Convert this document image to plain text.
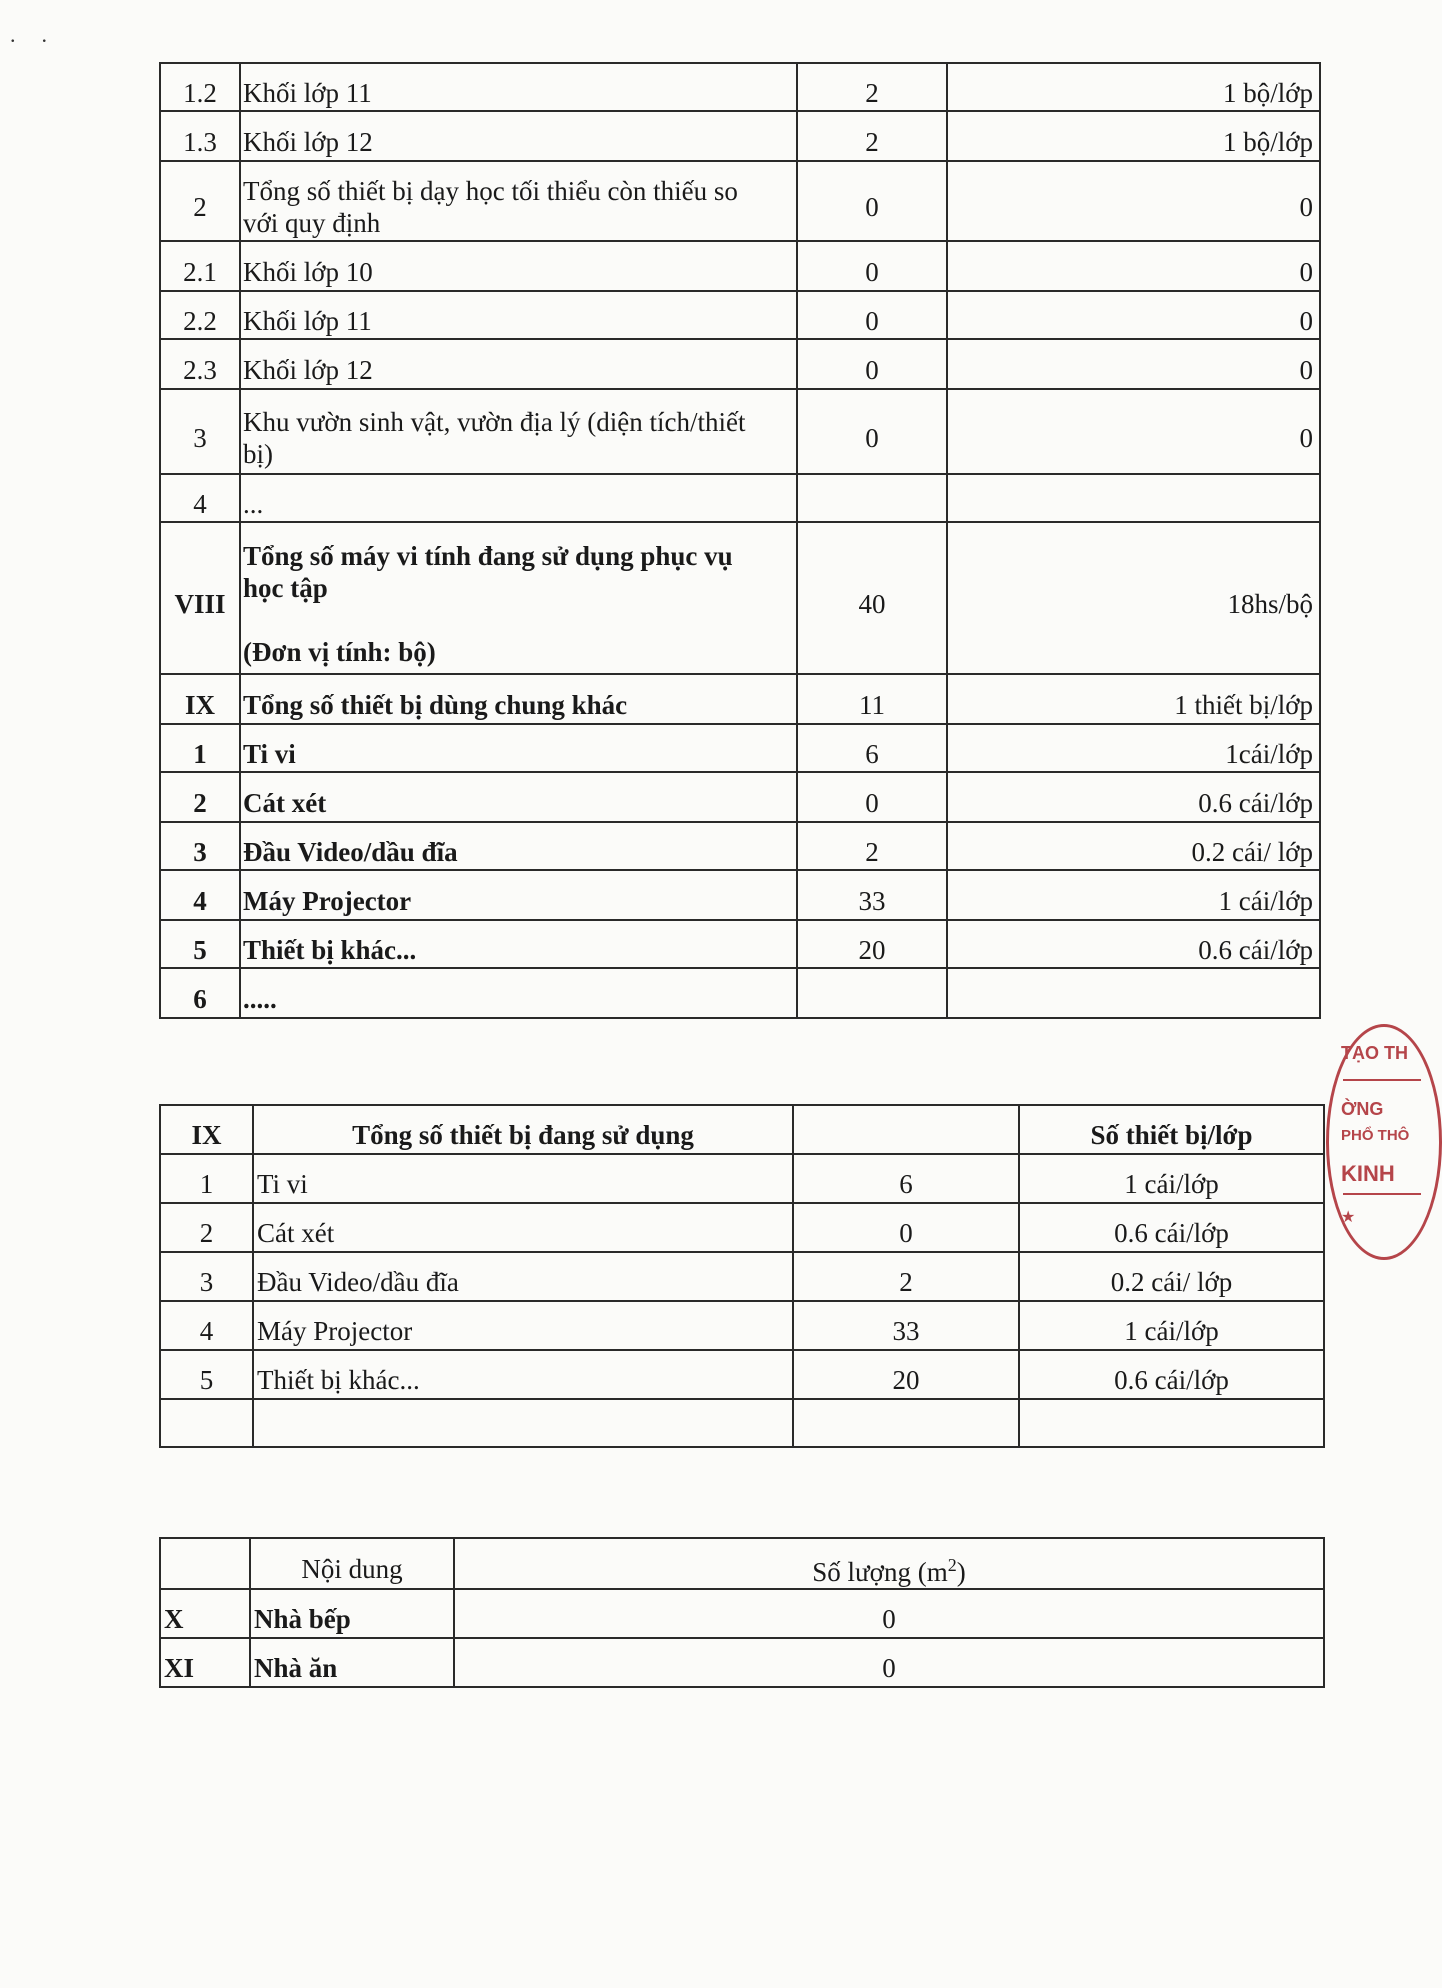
..
1.2	Khối lớp 11	2	1 bộ/lớp
1.3	Khối lớp 12	2	1 bộ/lớp
2	Tổng số thiết bị dạy học tối thiểu còn thiếu so
với quy định	0	0
2.1	Khối lớp 10	0	0
2.2	Khối lớp 11	0	0
2.3	Khối lớp 12	0	0
3	Khu vườn sinh vật, vườn địa lý (diện tích/thiết
bị)	0	0
4	...		

VIII	Tổng số máy vi tính đang sử dụng phục vụ
học tập

(Đơn vị tính: bộ)	40	18hs/bộ
IX	Tổng số thiết bị dùng chung khác	11	1 thiết bị/lớp
1	Ti vi	6	1cái/lớp
2	Cát xét	0	0.6 cái/lớp
3	Đầu Video/dầu đĩa	2	0.2 cái/ lớp
4	Máy Projector	33	1 cái/lớp
5	Thiết bị khác...	20	0.6 cái/lớp
6	.....		

IX	Tổng số thiết bị đang sử dụng		Số thiết bị/lớp
1	Ti vi	6	1 cái/lớp
2	Cát xét	0	0.6 cái/lớp
3	Đầu Video/dầu đĩa	2	0.2 cái/ lớp
4	Máy Projector	33	1 cái/lớp
5	Thiết bị khác...	20	0.6 cái/lớp

	Nội dung	Số lượng $(m^2)$
X	Nhà bếp	0
XI	Nhà ăn	0
TẠO TH
ỜNG
PHỔ THÔ
KINH
★
